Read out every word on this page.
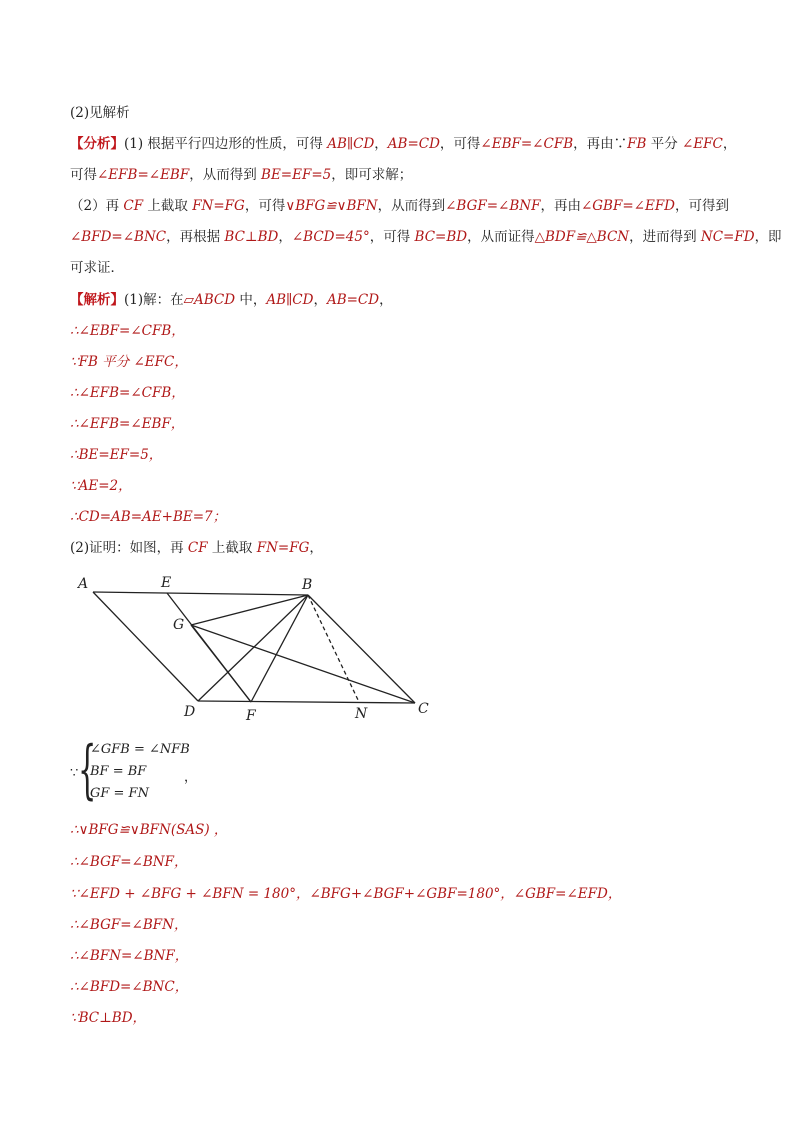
(2)见解析
【分析】(1) 根据平行四边形的性质，可得 AB∥CD，AB=CD，可得∠EBF=∠CFB，再由∵FB 平分 ∠EFC，
可得∠EFB=∠EBF，从而得到 BE=EF=5，即可求解；
（2）再 CF 上截取 FN=FG，可得∨BFG≌∨BFN，从而得到∠BGF=∠BNF，再由∠GBF=∠EFD，可得到
∠BFD=∠BNC，再根据 BC⊥BD，∠BCD=45°，可得 BC=BD，从而证得△BDF≌△BCN，进而得到 NC=FD，即
可求证．
【解析】(1)解：在▱ABCD 中，AB∥CD，AB=CD，
∴∠EBF=∠CFB，
∵FB 平分 ∠EFC，
∴∠EFB=∠CFB，
∴∠EFB=∠EBF，
∴BE=EF=5，
∵AE=2，
∴CD=AB=AE+BE=7；
(2)证明：如图，再 CF 上截取 FN=FG，
A	E	B
G
D	F	N	C
∵ {
∠GFB = ∠NFB
BF = BF
GF = FN
，
∴∨BFG≌∨BFN(SAS) ，
∴∠BGF=∠BNF，
∵∠EFD + ∠BFG + ∠BFN = 180°，∠BFG+∠BGF+∠GBF=180°，∠GBF=∠EFD，
∴∠BGF=∠BFN，
∴∠BFN=∠BNF，
∴∠BFD=∠BNC，
∵BC⊥BD，
